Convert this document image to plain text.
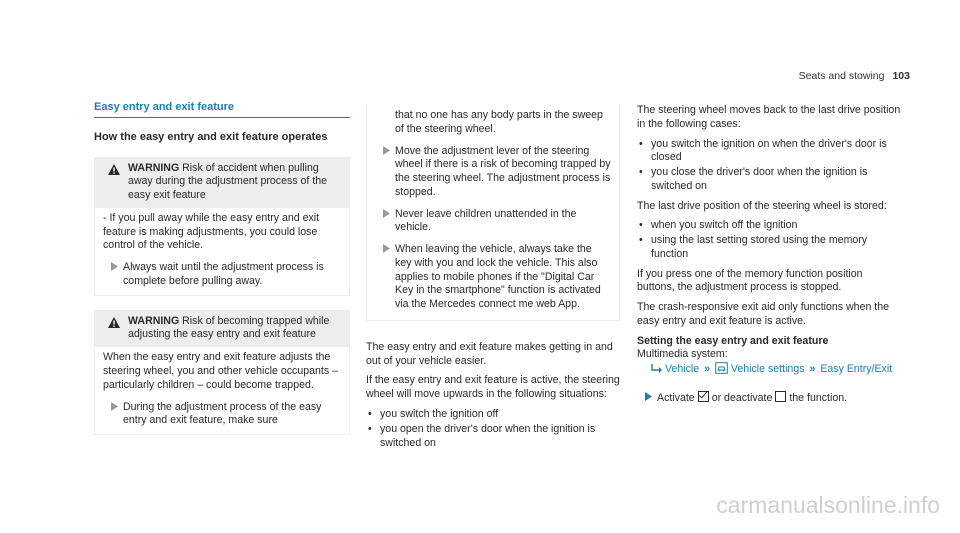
Seats and stowing 103
Easy entry and exit feature
How the easy entry and exit feature operates
WARNING Risk of accident when pulling away during the adjustment process of the easy exit feature

- If you pull away while the easy entry and exit feature is making adjustments, you could lose control of the vehicle.

Always wait until the adjustment process is complete before pulling away.
WARNING Risk of becoming trapped while adjusting the easy entry and exit feature

When the easy entry and exit feature adjusts the steering wheel, you and other vehicle occupants – particularly children – could become trapped.

During the adjustment process of the easy entry and exit feature, make sure
that no one has any body parts in the sweep of the steering wheel.
Move the adjustment lever of the steering wheel if there is a risk of becoming trapped by the steering wheel. The adjustment process is stopped.
Never leave children unattended in the vehicle.
When leaving the vehicle, always take the key with you and lock the vehicle. This also applies to mobile phones if the "Digital Car Key in the smartphone" function is activated via the Mercedes connect me web App.

The easy entry and exit feature makes getting in and out of your vehicle easier.

If the easy entry and exit feature is active, the steering wheel will move upwards in the following situations:

• you switch the ignition off
• you open the driver's door when the ignition is switched on

The steering wheel moves back to the last drive position in the following cases:

• you switch the ignition on when the driver's door is closed
• you close the driver's door when the ignition is switched on

The last drive position of the steering wheel is stored:

• when you switch off the ignition
• using the last setting stored using the memory function

If you press one of the memory function position buttons, the adjustment process is stopped.

The crash-responsive exit aid only functions when the easy entry and exit feature is active.

Setting the easy entry and exit feature
Multimedia system:
Vehicle » Vehicle settings » Easy Entry/Exit
Activate or deactivate the function.
carmanualsonline.info
